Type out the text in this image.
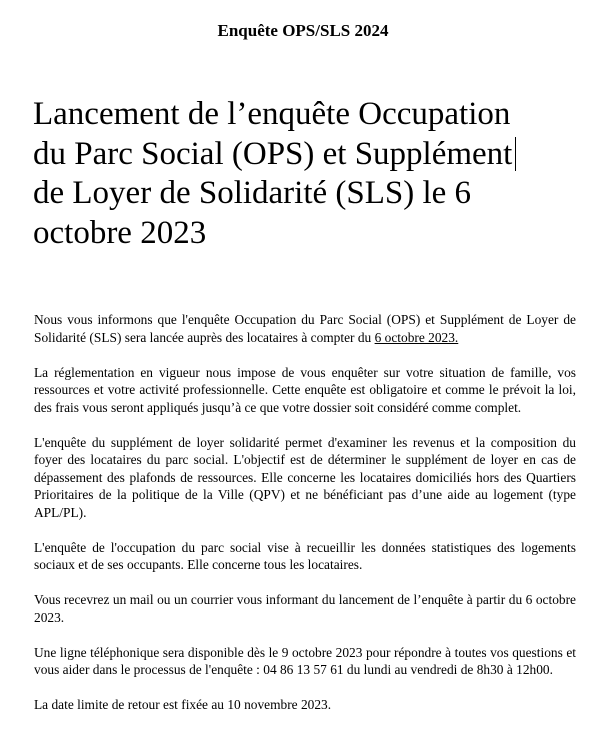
Enquête OPS/SLS 2024
Lancement de l’enquête Occupation
du Parc Social (OPS) et Supplément
de Loyer de Solidarité (SLS) le 6
octobre 2023

Nous vous informons que l'enquête Occupation du Parc Social (OPS) et Supplément de Loyer de Solidarité (SLS) sera lancée auprès des locataires à compter du 6 octobre 2023.

La réglementation en vigueur nous impose de vous enquêter sur votre situation de famille, vos ressources et votre activité professionnelle. Cette enquête est obligatoire et comme le prévoit la loi, des frais vous seront appliqués jusqu’à ce que votre dossier soit considéré comme complet.

L'enquête du supplément de loyer solidarité permet d'examiner les revenus et la composition du foyer des locataires du parc social. L'objectif est de déterminer le supplément de loyer en cas de dépassement des plafonds de ressources. Elle concerne les locataires domiciliés hors des Quartiers Prioritaires de la politique de la Ville (QPV) et ne bénéficiant pas d’une aide au logement (type APL/PL).

L'enquête de l'occupation du parc social vise à recueillir les données statistiques des logements sociaux et de ses occupants. Elle concerne tous les locataires.

Vous recevrez un mail ou un courrier vous informant du lancement de l’enquête à partir du 6 octobre 2023.

Une ligne téléphonique sera disponible dès le 9 octobre 2023 pour répondre à toutes vos questions et vous aider dans le processus de l'enquête : 04 86 13 57 61 du lundi au vendredi de 8h30 à 12h00.

La date limite de retour est fixée au 10 novembre 2023.
